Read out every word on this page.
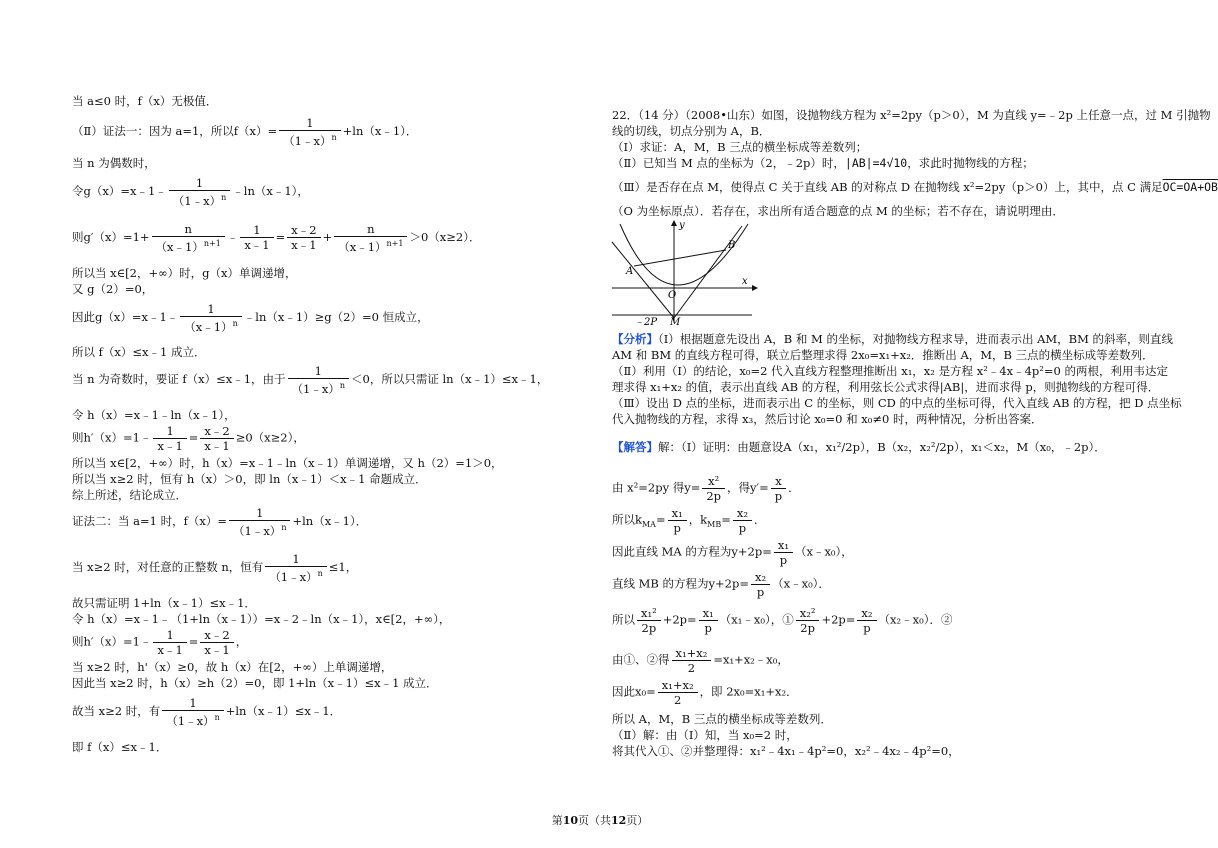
当 a≤0 时，f（x）无极值．
（Ⅱ）证法一：因为 a=1，所以$f(x)= \frac{1}{(1﹣x)^n}$ +ln（x﹣1）．
当 n 为偶数时，
令g（x）=x﹣1﹣ $\frac{1}{(1﹣x)^n}$ ﹣ln（x﹣1），
则$g'(x)=1+ \frac{n}{(x﹣1)^{n+1}}$ ﹣ $\frac{1}{x﹣1} = \frac{x﹣2}{x﹣1} + \frac{n}{(x﹣1)^{n+1}} >0(x\ge 2)$．
所以当 x∈[2，+∞）时，g（x）单调递增，
又 g（2）=0，
因此g（x）=x﹣1﹣ $\frac{1}{(x﹣1)^n}$ ﹣ln（x﹣1）≥g（2）=0 恒成立，
所以 f（x）≤x﹣1 成立．
当 n 为奇数时，要证 f（x）≤x﹣1，由于 $\frac{1}{(1﹣x)^n} <0$，所以只需证 ln（x﹣1）≤x﹣1，
令 h（x）=x﹣1﹣ln（x﹣1），
则h′（x）=1﹣ $\frac{1}{x﹣1} = \frac{x﹣2}{x﹣1} \ge 0(x\ge 2)$，
所以当 x∈[2，+∞）时，h（x）=x﹣1﹣ln（x﹣1）单调递增，又 h（2）=1＞0，
所以当 x≥2 时，恒有 h（x）＞0，即 ln（x﹣1）＜x﹣1 命题成立．
综上所述，结论成立．
证法二：当 a=1 时，$f(x)= \frac{1}{(1﹣x)^n}$ +ln（x﹣1）．
当 x≥2 时，对任意的正整数 n，恒有 $\frac{1}{(1﹣x)^n} \le 1$，
故只需证明 1+ln（x﹣1）≤x﹣1．
令 h（x）=x﹣1﹣（1+ln（x﹣1））=x﹣2﹣ln（x﹣1），x∈[2，+∞），
则h′（x）=1﹣ $\frac{1}{x﹣1} = \frac{x﹣2}{x﹣1}$ ，
当 x≥2 时，h'（x）≥0，故 h（x）在[2，+∞）上单调递增，
因此当 x≥2 时，h（x）≥h（2）=0，即 1+ln（x﹣1）≤x﹣1 成立．
故当 x≥2 时，有 $\frac{1}{(1﹣x)^n}$ +ln（x﹣1）≤x﹣1．
即 f（x）≤x﹣1．
22．（14 分）（2008•山东）如图，设抛物线方程为 x²=2py（p＞0），M 为直线 y=﹣2p 上任意一点，过 M 引抛物
线的切线，切点分别为 A，B．
（Ⅰ）求证：A，M，B 三点的横坐标成等差数列；
（Ⅱ）已知当 M 点的坐标为（2，﹣2p）时，|AB|=4√10，求此时抛物线的方程；
（Ⅲ）是否存在点 M，使得点 C 关于直线 AB 的对称点 D 在抛物线 x²=2py（p＞0）上，其中，点 C 满足OC=OA+OB
（O 为坐标原点）．若存在，求出所有适合题意的点 M 的坐标；若不存在，请说明理由．
y
x
A
B
O
M
﹣2P
【分析】（Ⅰ）根据题意先设出 A，B 和 M 的坐标，对抛物线方程求导，进而表示出 AM，BM 的斜率，则直线
AM 和 BM 的直线方程可得，联立后整理求得 2x₀=x₁+x₂．推断出 A，M，B 三点的横坐标成等差数列．
（Ⅱ）利用（Ⅰ）的结论，x₀=2 代入直线方程整理推断出 x₁，x₂ 是方程 x²﹣4x﹣4p²=0 的两根，利用韦达定
理求得 x₁+x₂ 的值，表示出直线 AB 的方程，利用弦长公式求得|AB|，进而求得 p，则抛物线的方程可得．
（Ⅲ）设出 D 点的坐标，进而表示出 C 的坐标，则 CD 的中点的坐标可得，代入直线 AB 的方程，把 D 点坐标
代入抛物线的方程，求得 x₃，然后讨论 x₀=0 和 x₀≠0 时，两种情况，分析出答案．
【解答】解：（Ⅰ）证明：由题意设A（x₁，x₁²/2p），B（x₂，x₂²/2p），x₁＜x₂，M（x₀，﹣2p）．
由 x²=2py 得$y= \frac{\text{x²}}{2p}$ ，得$y'= \frac{x}{p}$ ．
所以$k_{MA}= \frac{\text{x₁}}{p}$ ，$k_{MB}= \frac{\text{x₂}}{p}$ ．
因此直线 MA 的方程为$y+2p= \frac{\text{x₁}}{p}$ （x﹣x₀），
直线 MB 的方程为$y+2p= \frac{\text{x₂}}{p}$ （x﹣x₀）．
所以 $\frac{\text{x₁²}}{2p} +2p= \frac{\text{x₁}}{p}$ （x₁﹣x₀），① $\frac{\text{x₂²}}{2p} +2p= \frac{\text{x₂}}{p}$ （x₂﹣x₀）．②
由①、②得 $\frac{\text{x₁+x₂}}{2}$ =x₁+x₂﹣x₀，
因此$x_0= \frac{\text{x₁+x₂}}{2}$ ，即 2x₀=x₁+x₂．
所以 A，M，B 三点的横坐标成等差数列．
（Ⅱ）解：由（Ⅰ）知，当 x₀=2 时，
将其代入①、②并整理得：x₁²﹣4x₁﹣4p²=0，x₂²﹣4x₂﹣4p²=0，
第10页（共12页）
